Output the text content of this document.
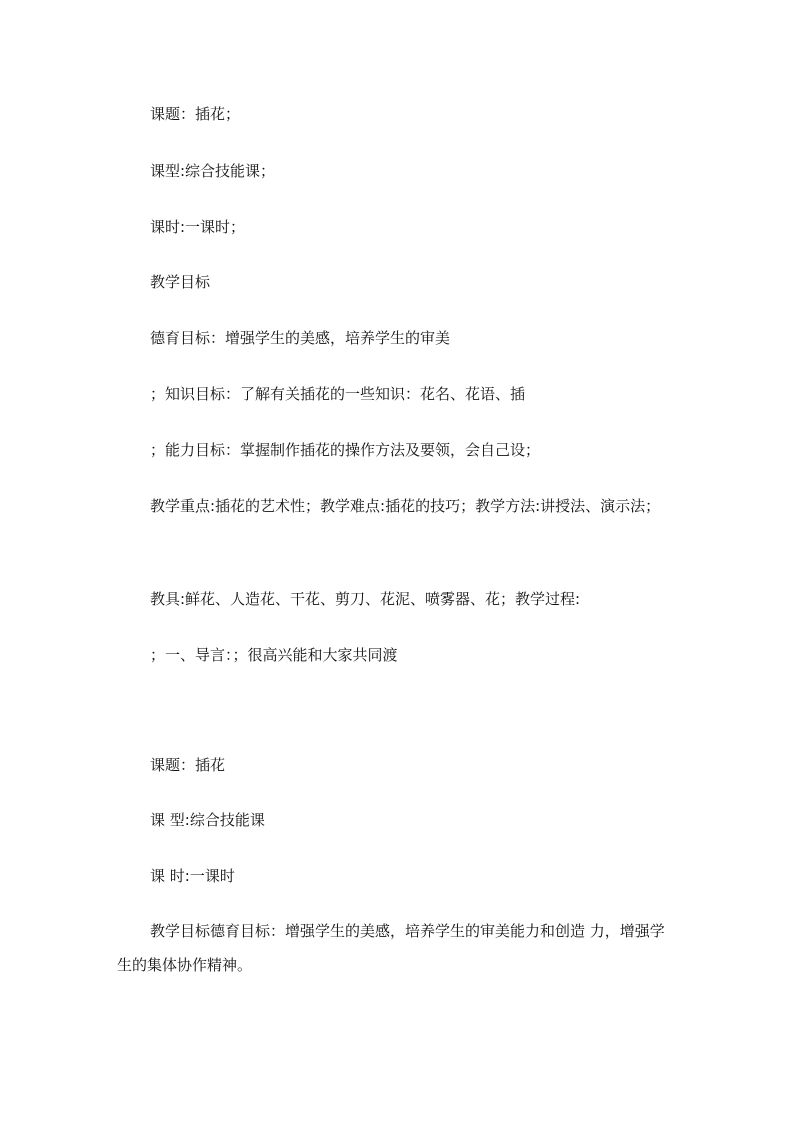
课题：插花；

课型:综合技能课；

课时:一课时；

教学目标

德育目标：增强学生的美感，培养学生的审美

；知识目标：了解有关插花的一些知识：花名、花语、插

；能力目标：掌握制作插花的操作方法及要领，会自己设；

教学重点:插花的艺术性；教学难点:插花的技巧；教学方法:讲授法、演示法；

教具:鲜花、人造花、干花、剪刀、花泥、喷雾器、花；教学过程:

；一、导言：；很高兴能和大家共同渡

课题：插花

课 型:综合技能课

课 时:一课时

教学目标德育目标：增强学生的美感，培养学生的审美能力和创造 力，增强学 生的集体协作精神。
